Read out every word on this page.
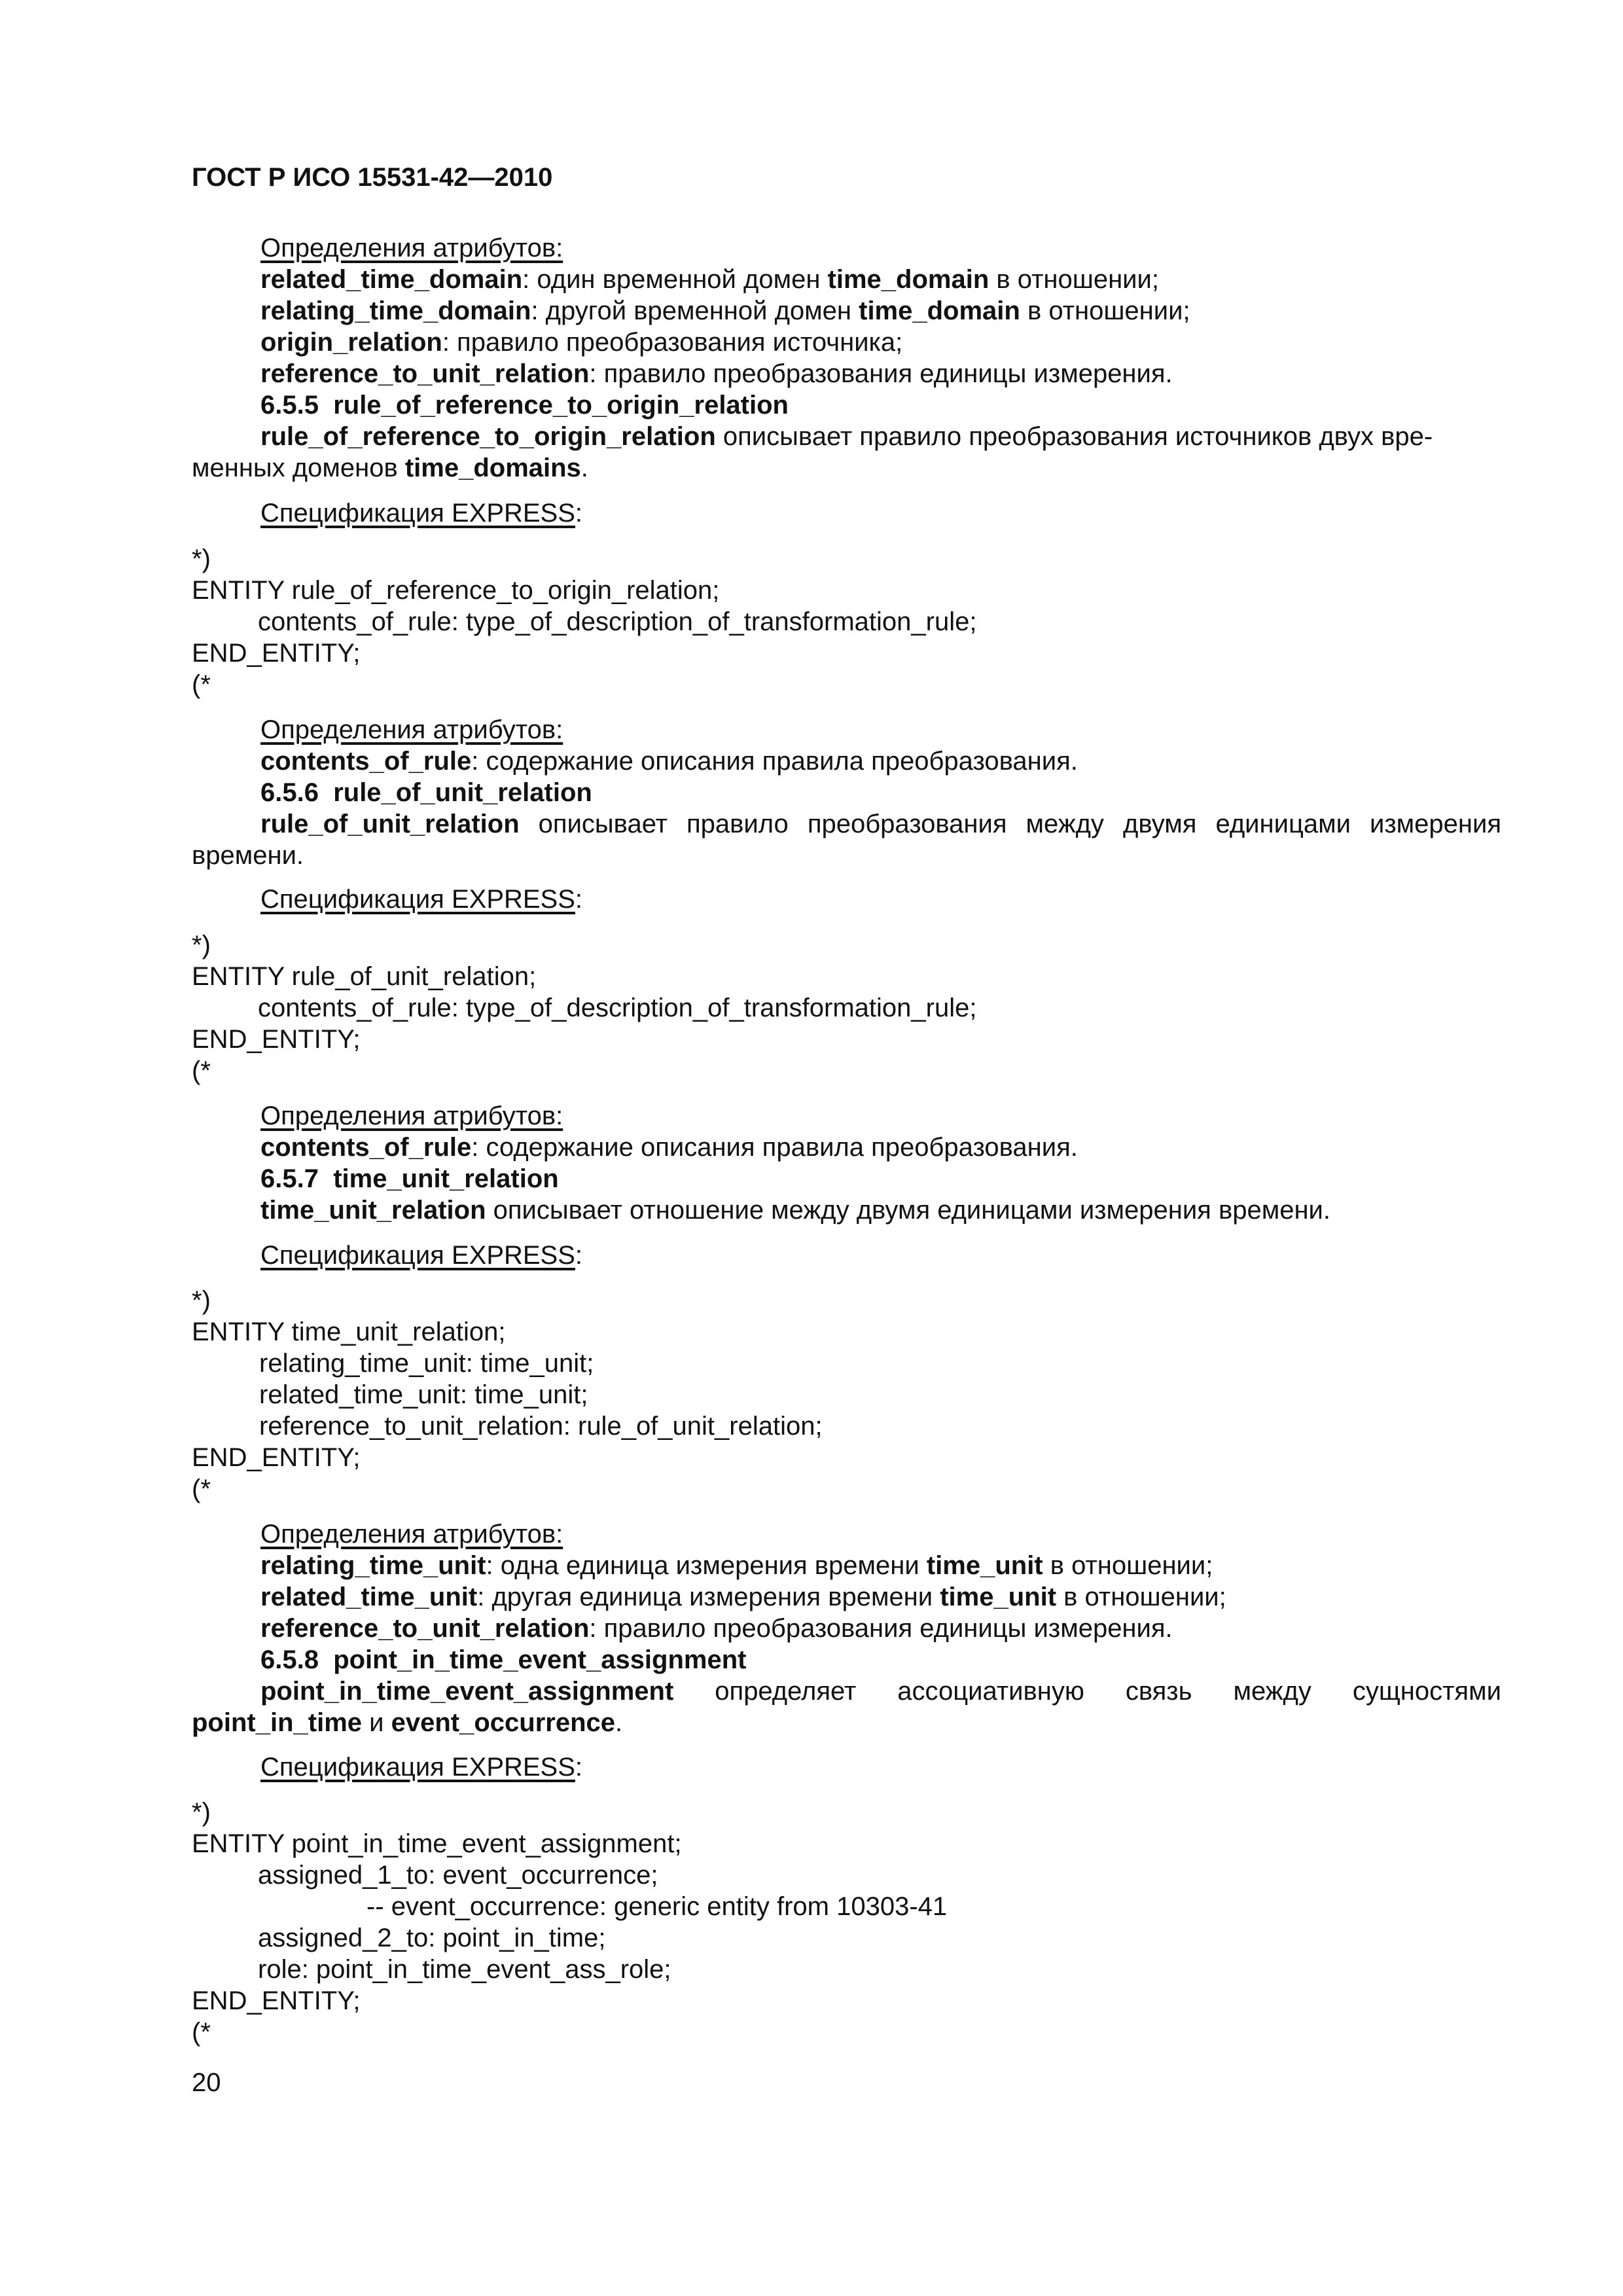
ГОСТ Р ИСО 15531-42—2010
Определения атрибутов:
related_time_domain: один временной домен time_domain в отношении;
relating_time_domain: другой временной домен time_domain в отношении;
origin_relation: правило преобразования источника;
reference_to_unit_relation: правило преобразования единицы измерения.
6.5.5  rule_of_reference_to_origin_relation
rule_of_reference_to_origin_relation описывает правило преобразования источников двух вре-
менных доменов time_domains.
Спецификация EXPRESS:
*)
ENTITY rule_of_reference_to_origin_relation;
contents_of_rule: type_of_description_of_transformation_rule;
END_ENTITY;
(*
Определения атрибутов:
contents_of_rule: содержание описания правила преобразования.
6.5.6  rule_of_unit_relation
rule_of_unit_relation описывает правило преобразования между двумя единицами измерения
времени.
Спецификация EXPRESS:
*)
ENTITY rule_of_unit_relation;
contents_of_rule: type_of_description_of_transformation_rule;
END_ENTITY;
(*
Определения атрибутов:
contents_of_rule: содержание описания правила преобразования.
6.5.7  time_unit_relation
time_unit_relation описывает отношение между двумя единицами измерения времени.
Спецификация EXPRESS:
*)
ENTITY time_unit_relation;
relating_time_unit: time_unit;
related_time_unit: time_unit;
reference_to_unit_relation: rule_of_unit_relation;
END_ENTITY;
(*
Определения атрибутов:
relating_time_unit: одна единица измерения времени time_unit в отношении;
related_time_unit: другая единица измерения времени time_unit в отношении;
reference_to_unit_relation: правило преобразования единицы измерения.
6.5.8  point_in_time_event_assignment
point_in_time_event_assignment определяет ассоциативную связь между сущностями
point_in_time и event_occurrence.
Спецификация EXPRESS:
*)
ENTITY point_in_time_event_assignment;
assigned_1_to: event_occurrence;
-- event_occurrence: generic entity from 10303-41
assigned_2_to: point_in_time;
role: point_in_time_event_ass_role;
END_ENTITY;
(*
20
